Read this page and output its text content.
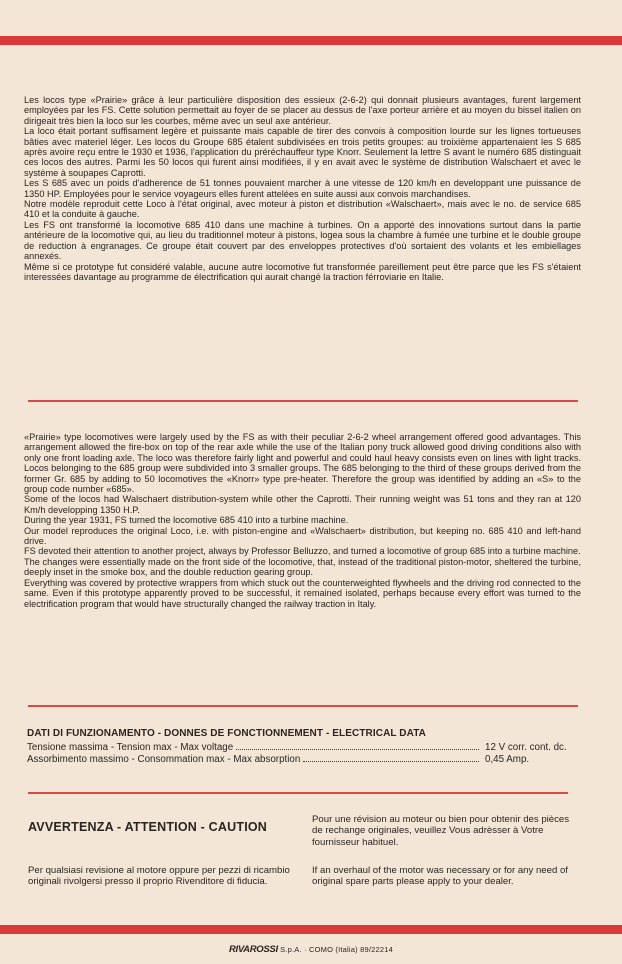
Les locos type «Prairie» grâce à leur particulière disposition des essieux (2-6-2) qui donnait plusieurs avantages, furent largement employées par les FS. Cette solution permettait au foyer de se placer au dessus de l'axe porteur arrière et au moyen du bissel italien on dirigeait très bien la loco sur les courbes, même avec un seul axe antérieur.

La loco était portant suffisament legère et puissante mais capable de tirer des convois à composition lourde sur les lignes tortueuses bâties avec materiel léger. Les locos du Groupe 685 étalent subdivisées en trois petits groupes: au troixième appartenaient les S 685 après avoire reçu entre le 1930 et 1936, l'application du préréchauffeur type Knorr. Seulement la lettre S avant le numéro 685 distinguait ces locos des autres. Parmi les 50 locos qui furent ainsi modifiées, il y en avait avec le système de distribution Walschaert et avec le système à soupapes Caprotti.

Les S 685 avec un poids d'adherence de 51 tonnes pouvaient marcher à une vitesse de 120 km/h en developpant une puissance de 1350 HP. Employées pour le service voyageurs elles furent attelées en suite aussi aux convois marchandises.

Notre modèle reproduit cette Loco à l'état original, avec moteur à piston et distribution «Walschaert», mais avec le no. de service 685 410 et la conduite à gauche.

Les FS ont transformé la locomotive 685 410 dans une machine à turbines. On a apporté des innovations surtout dans la partie antérieure de la locomotive qui, au lieu du traditionnel moteur à pistons, logea sous la chambre à fumée une turbine et le double groupe de reduction à engranages. Ce groupe était couvert par des enveloppes protectives d'où sortaient des volants et les embiellages annexés.

Même si ce prototype fut considéré valable, aucune autre locomotive fut transformée pareillement peut être parce que les FS s'étaient interessées davantage au programme de électrification qui aurait changé la traction férroviarie en Italie.

«Prairie» type locomotives were largely used by the FS as with their peculiar 2-6-2 wheel arrangement offered good advantages. This arrangement allowed the fire-box on top of the rear axle while the use of the Italian pony truck allowed good driving conditions also with only one front loading axle. The loco was therefore fairly light and powerful and could haul heavy consists even on lines with light tracks. Locos belonging to the 685 group were subdivided into 3 smaller groups. The 685 belonging to the third of these groups derived from the former Gr. 685 by adding to 50 locomotives the «Knorr» type pre-heater. Therefore the group was identified by adding an «S» to the group code number «685».

Some of the locos had Walschaert distribution-system while other the Caprotti. Their running weight was 51 tons and they ran at 120 Km/h developping 1350 H.P.

During the year 1931, FS turned the locomotive 685 410 into a turbine machine.

Our model reproduces the original Loco, i.e. with piston-engine and «Walschaert» distribution, but keeping no. 685 410 and left-hand drive.

FS devoted their attention to another project, always by Professor Belluzzo, and turned a locomotive of group 685 into a turbine machine.

The changes were essentially made on the front side of the locomotive, that, instead of the traditional piston-motor, sheltered the turbine, deeply inset in the smoke box, and the double reduction gearing group.

Everything was covered by protective wrappers from which stuck out the counterweighted flywheels and the driving rod connected to the same. Even if this prototype apparently proved to be successful, it remained isolated, perhaps because every effort was turned to the electrification program that would have structurally changed the railway traction in Italy.

DATI DI FUNZIONAMENTO - DONNES DE FONCTIONNEMENT - ELECTRICAL DATA
Tensione massima - Tension max - Max voltage	12 V corr. cont. dc.
Assorbimento massimo - Consommation max - Max absorption	0,45 Amp.
AVVERTENZA - ATTENTION - CAUTION

Pour une révision au moteur ou bien pour obtenir des pièces de rechange originales, veuillez Vous adrèsser à Votre fournisseur habituel.

Per qualsiasi revisione al motore oppure per pezzi di ricambio originali rivolgersi presso il proprio Rivenditore di fiducia.

If an overhaul of the motor was necessary or for any need of original spare parts please apply to your dealer.

RIVAROSSI S.p.A. · COMO (Italia) 89/22214
